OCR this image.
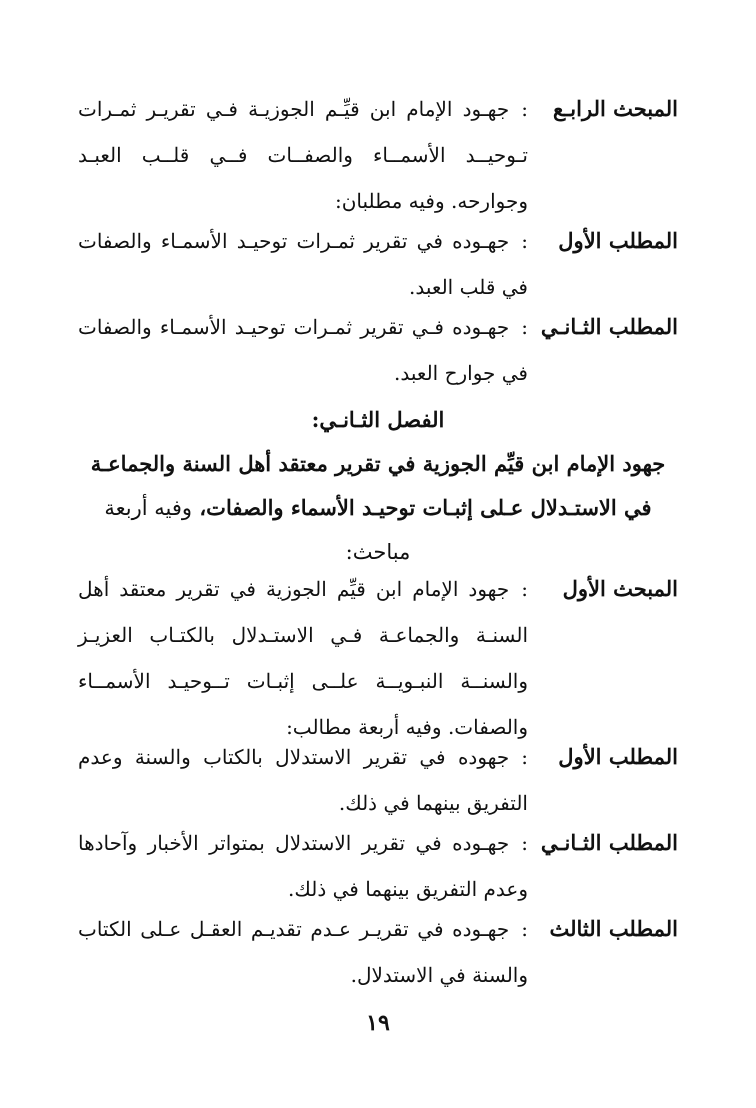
المبحث الرابـع
:جهـود الإمام ابن قيِّـم الجوزيـة فـي تقريـر ثمـرات تـوحيــد الأسمــاء والصفــات فــي قلــب العبـد وجوارحه. وفيه مطلبان:
المطلب الأول
:جهـوده في تقرير ثمـرات توحيـد الأسمـاء والصفات في قلب العبد.
المطلب الثـانـي
:جهـوده فـي تقرير ثمـرات توحيـد الأسمـاء والصفات في جوارح العبد.
الفصل الثـانـي:
جهود الإمام ابن قيِّم الجوزية في تقرير معتقد أهل السنة والجماعـة في الاستـدلال عـلى إثبـات توحيـد الأسماء والصفات، وفيه أربعة مباحث:
المبحث الأول
:جهود الإمام ابن قيِّم الجوزية في تقرير معتقد أهل السنـة والجماعـة فـي الاستـدلال بالكتـاب العزيـز والسنــة النبـويــة علــى إثبـات تــوحيـد الأسمــاء والصفات. وفيه أربعة مطالب:
المطلب الأول
:جهوده في تقرير الاستدلال بالكتاب والسنة وعدم التفريق بينهما في ذلك.
المطلب الثـانـي
:جهـوده في تقرير الاستدلال بمتواتر الأخبار وآحادها وعدم التفريق بينهما في ذلك.
المطلب الثالث
:جهـوده في تقريـر عـدم تقديـم العقـل عـلى الكتاب والسنة في الاستدلال.
١٩
